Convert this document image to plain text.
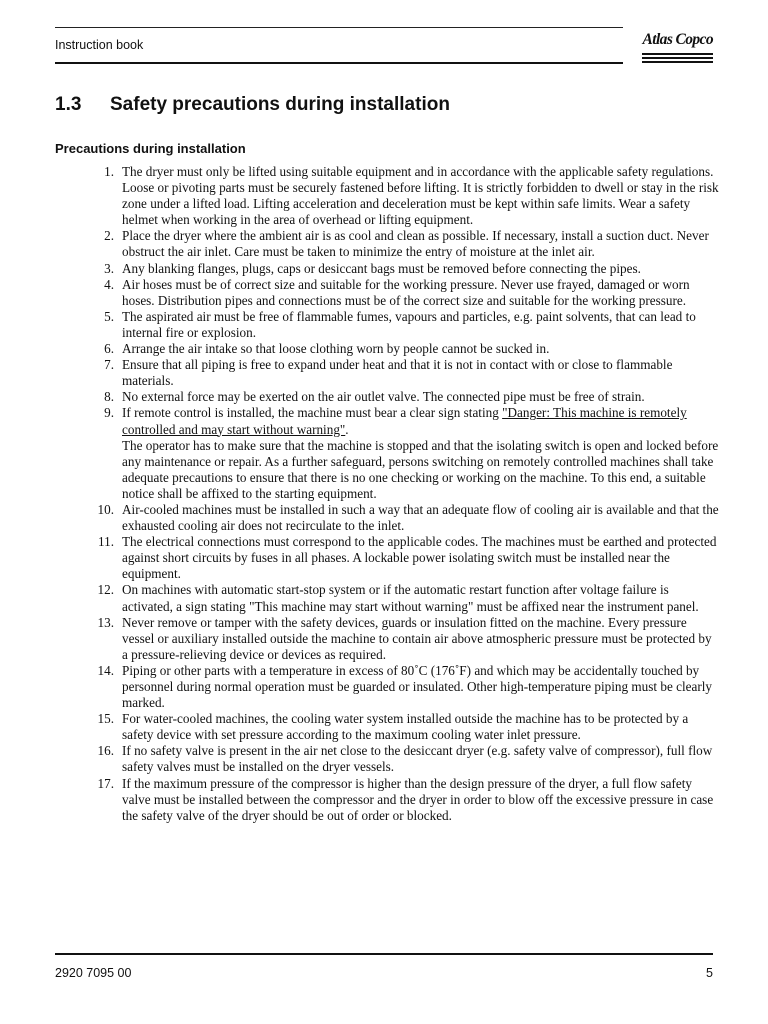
Instruction book	Atlas Copco
1.3 Safety precautions during installation
Precautions during installation
1. The dryer must only be lifted using suitable equipment and in accordance with the applicable safety regulations. Loose or pivoting parts must be securely fastened before lifting. It is strictly forbidden to dwell or stay in the risk zone under a lifted load. Lifting acceleration and deceleration must be kept within safe limits. Wear a safety helmet when working in the area of overhead or lifting equipment.
2. Place the dryer where the ambient air is as cool and clean as possible. If necessary, install a suction duct. Never obstruct the air inlet. Care must be taken to minimize the entry of moisture at the inlet air.
3. Any blanking flanges, plugs, caps or desiccant bags must be removed before connecting the pipes.
4. Air hoses must be of correct size and suitable for the working pressure. Never use frayed, damaged or worn hoses. Distribution pipes and connections must be of the correct size and suitable for the working pressure.
5. The aspirated air must be free of flammable fumes, vapours and particles, e.g. paint solvents, that can lead to internal fire or explosion.
6. Arrange the air intake so that loose clothing worn by people cannot be sucked in.
7. Ensure that all piping is free to expand under heat and that it is not in contact with or close to flammable materials.
8. No external force may be exerted on the air outlet valve. The connected pipe must be free of strain.
9. If remote control is installed, the machine must bear a clear sign stating "Danger: This machine is remotely controlled and may start without warning".
The operator has to make sure that the machine is stopped and that the isolating switch is open and locked before any maintenance or repair. As a further safeguard, persons switching on remotely controlled machines shall take adequate precautions to ensure that there is no one checking or working on the machine. To this end, a suitable notice shall be affixed to the starting equipment.
10. Air-cooled machines must be installed in such a way that an adequate flow of cooling air is available and that the exhausted cooling air does not recirculate to the inlet.
11. The electrical connections must correspond to the applicable codes. The machines must be earthed and protected against short circuits by fuses in all phases. A lockable power isolating switch must be installed near the equipment.
12. On machines with automatic start-stop system or if the automatic restart function after voltage failure is activated, a sign stating "This machine may start without warning" must be affixed near the instrument panel.
13. Never remove or tamper with the safety devices, guards or insulation fitted on the machine. Every pressure vessel or auxiliary installed outside the machine to contain air above atmospheric pressure must be protected by a pressure-relieving device or devices as required.
14. Piping or other parts with a temperature in excess of 80˚C (176˚F) and which may be accidentally touched by personnel during normal operation must be guarded or insulated. Other high-temperature piping must be clearly marked.
15. For water-cooled machines, the cooling water system installed outside the machine has to be protected by a safety device with set pressure according to the maximum cooling water inlet pressure.
16. If no safety valve is present in the air net close to the desiccant dryer (e.g. safety valve of compressor), full flow safety valves must be installed on the dryer vessels.
17. If the maximum pressure of the compressor is higher than the design pressure of the dryer, a full flow safety valve must be installed between the compressor and the dryer in order to blow off the excessive pressure in case the safety valve of the dryer should be out of order or blocked.
2920 7095 00	5
